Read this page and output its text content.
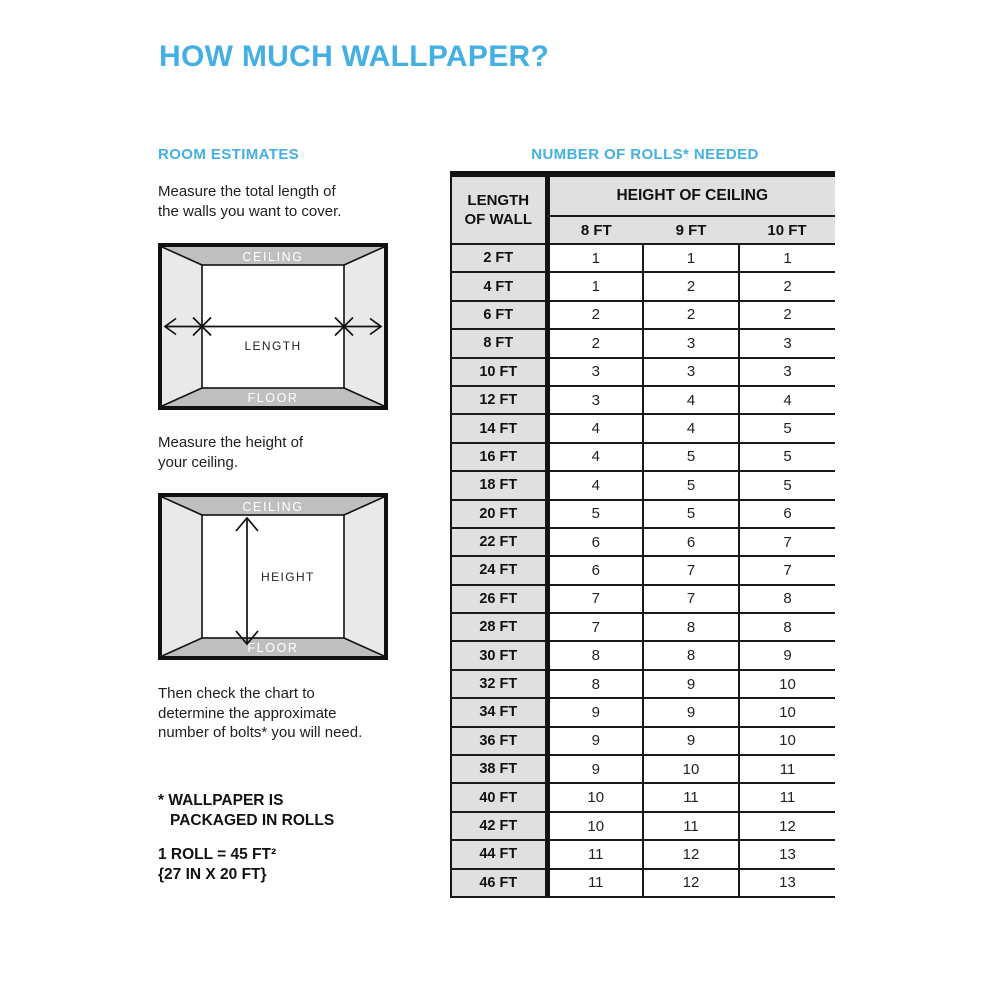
HOW MUCH WALLPAPER?
ROOM ESTIMATES
Measure the total length of
the walls you want to cover.
CEILING
FLOOR
LENGTH
Measure the height of
your ceiling.
CEILING
FLOOR
HEIGHT
Then check the chart to
determine the approximate
number of bolts* you will need.
* WALLPAPER IS
PACKAGED IN ROLLS
1 ROLL = 45 FT²
{27 IN X 20 FT}
NUMBER OF ROLLS* NEEDED
LENGTH
OF WALL	HEIGHT OF CEILING		
	8 FT	9 FT	10 FT
2 FT	1	1	1
4 FT	1	2	2
6 FT	2	2	2
8 FT	2	3	3
10 FT	3	3	3
12 FT	3	4	4
14 FT	4	4	5
16 FT	4	5	5
18 FT	4	5	5
20 FT	5	5	6
22 FT	6	6	7
24 FT	6	7	7
26 FT	7	7	8
28 FT	7	8	8
30 FT	8	8	9
32 FT	8	9	10
34 FT	9	9	10
36 FT	9	9	10
38 FT	9	10	11
40 FT	10	11	11
42 FT	10	11	12
44 FT	11	12	13
46 FT	11	12	13
